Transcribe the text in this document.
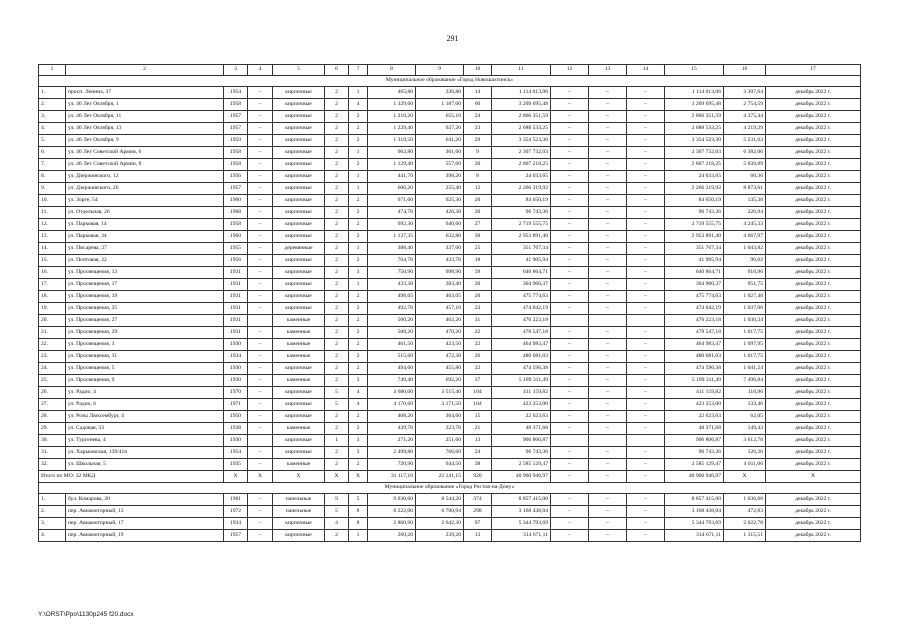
291
1	2	3	4	5	6	7	8	9	10	11	12	13	14	15	16	17
Муниципальное образование «Город Новошахтинск»																
1.	просп. Ленина, 37	1954	–	кирпичные	2	1	465,80	336,80	14	1 114 013,06	–	–	–	1 114 013,06	3 307,64	декабрь 2022 г.
2.	ул. 40 Лет Октября, 1	1958	–	кирпичные	2	4	1 329,60	1 187,00	60	3 269 695,48	–	–	–	3 269 695,48	2 754,59	декабрь 2022 г.
3.	ул. 40 Лет Октября, 11	1957	–	кирпичные	2	2	1 210,20	655,10	24	2 866 351,59	–	–	–	2 866 351,59	4 375,44	декабрь 2022 г.
4.	ул. 40 Лет Октября, 13	1957	–	кирпичные	2	2	1 229,40	637,20	23	2 688 533,25	–	–	–	2 688 533,25	4 219,29	декабрь 2022 г.
5.	ул. 40 Лет Октября, 9	1959	–	кирпичные	2	2	1 318,50	641,20	29	3 354 523,30	–	–	–	3 354 523,30	5 231,63	декабрь 2022 г.
6.	ул. 40 Лет Советской Армии, 6	1958	–	кирпичные	2	1	662,80	361,60	9	2 307 732,03	–	–	–	2 307 732,03	6 382,00	декабрь 2022 г.
7.	ул. 40 Лет Советской Армии, 8	1958	–	кирпичные	2	2	1 129,40	557,00	20	2 807 218,25	–	–	–	2 807 218,25	5 039,89	декабрь 2022 г.
8.	ул. Дзержинского, 12	1956	–	кирпичные	2	1	441,70	398,20	8	24 033,65	–	–	–	24 033,65	60,36	декабрь 2022 г.
9.	ул. Дзержинского, 26	1957	–	кирпичные	2	1	606,20	255,40	12	2 266 319,92	–	–	–	2 266 319,92	8 873,61	декабрь 2022 г.
10.	ул. Зорге, 54	1960	–	кирпичные	2	2	671,60	625,30	20	84 650,19	–	–	–	84 650,19	135,38	декабрь 2022 г.
11.	ул. Отдельная, 26	1968	–	кирпичные	2	2	474,70	426,30	20	96 743,36	–	–	–	96 743,36	226,94	декабрь 2022 г.
12.	ул. Парковая, 14	1958	–	кирпичные	2	2	692,30	640,60	27	2 719 555,75	–	–	–	2 719 555,75	4 245,33	декабрь 2022 г.
13.	ул. Парковая, 34	1960	–	кирпичные	2	2	1 137,35	632,80	30	2 953 891,40	–	–	–	2 953 891,40	4 667,97	декабрь 2022 г.
14.	ул. Писарева, 27	1955	–	деревянные	2	1	388,40	337,00	25	351 767,34	–	–	–	351 767,34	1 043,82	декабрь 2022 г.
15.	ул. Почтовая, 22	1956	–	кирпичные	2	2	764,70	433,70	18	41 905,94	–	–	–	41 905,94	96,62	декабрь 2022 г.
16.	ул. Просвещения, 13	1931	–	кирпичные	2	3	750,90	698,90	39	640 864,71	–	–	–	640 864,71	916,96	декабрь 2022 г.
17.	ул. Просвещения, 17	1931	–	кирпичные	2	1	433,30	383,40	20	364 900,37	–	–	–	364 900,37	951,75	декабрь 2022 г.
18.	ул. Просвещения, 19	1931	–	кирпичные	2	2	498,65	463,05	20	475 774,63	–	–	–	475 774,63	1 027,48	декабрь 2022 г.
19.	ул. Просвещения, 25	1931	–	кирпичные	2	2	492,70	457,10	23	474 042,19	–	–	–	474 042,19	1 037,06	декабрь 2022 г.
20.	ул. Просвещения, 27	1931		каменные	2	2	500,20	462,20	31	476 223,18				476 223,18	1 030,34	декабрь 2022 г.
21.	ул. Просвещения, 29	1931	–	каменные	2	2	508,20	470,20	22	478 547,18	–	–	–	478 547,18	1 017,75	декабрь 2022 г.
22.	ул. Просвещения, 3	1930	–	каменные	2	2	461,50	423,50	22	464 983,47	–	–	–	464 983,47	1 097,95	декабрь 2022 г.
23.	ул. Просвещения, 31	1934	–	каменные	2	2	515,60	472,30	26	480 681,03	–	–	–	480 681,03	1 017,75	декабрь 2022 г.
24.	ул. Просвещения, 5	1930	–	кирпичные	2	2	494,60	455,80	22	474 596,38	–	–	–	474 596,38	1 041,24	декабрь 2022 г.
25.	ул. Просвещения, 9	1930	–	каменные	2	3	749,40	692,20	37	5 189 311,49	–	–	–	5 189 311,49	7 496,84	декабрь 2022 г.
26.	ул. Радио, 4	1970	–	кирпичные	5	4	4 680,00	3 515,40	104	411 159,82	–	–	–	411 159,82	116,96	декабрь 2022 г.
27.	ул. Радио, 6	1971	–	кирпичные	5	4	4 170,60	3 171,50	104	423 253,00	–	–	–	423 253,00	133,46	декабрь 2022 г.
28.	ул. Розы Люксембург, 4	1950	–	кирпичные	2	2	408,20	364,60	15	22 623,63	–	–	–	22 623,63	62,05	декабрь 2022 г.
29.	ул. Садовая, 33	1938	–	каменные	2	2	439,70	323,70	21	48 371,68	–	–	–	48 371,68	149,43	декабрь 2022 г.
30.	ул. Тургенева, 4	1930		кирпичные	1	3	271,20	251,60	13	906 806,87				906 806,87	3 612,78	декабрь 2022 г.
31.	ул. Харьковская, 139/41п	1954	–	кирпичные	2	3	2 498,80	766,60	24	96 743,36	–	–	–	96 743,36	126,20	декабрь 2022 г.
32.	ул. Школьная, 5	1935	–	каменные	2	2	720,90	644,50	38	2 585 129,47	–	–	–	2 585 129,47	4 011,06	декабрь 2022 г.
Итого по МО: 32 МКД		X	X	X	X	X	31 117,10	22 141,15	920	40 960 946,97	–	–	–	40 960 946,97	X	X
Муниципальное образование «Город Ростов-на-Дону»																
1.	бул. Комарова, 20	1981	–	панельные	9	5	9 030,60	8 544,20	374	8 857 415,00	–	–	–	8 857 415,00	1 036,66	декабрь 2022 г.
2.	пер. Авиамоторный, 13	1972	–	панельные	5	8	8 222,00	6 700,94	298	3 168 438,04	–	–	–	3 168 438,04	472,83	декабрь 2022 г.
3.	пер. Авиамоторный, 17	1934	–	кирпичные	4	8	2 860,90	2 642,30	97	5 344 793,69	–	–	–	5 344 793,69	2 022,78	декабрь 2022 г.
4.	пер. Авиамоторный, 19	1957	–	кирпичные	2	1	260,20	239,20	13	314 671,11	–	–	–	314 671,11	1 315,51	декабрь 2022 г.
Y:\ORST\Ppo\1130p245 f20.docx
